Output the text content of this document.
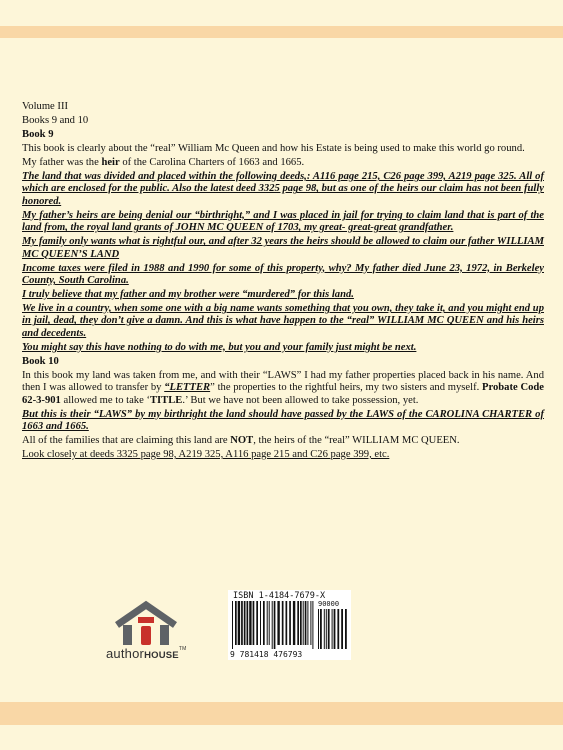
Volume III

Books 9 and 10

Book 9

This book is clearly about the “real” William Mc Queen and how his Estate is being used to make this world go round.

My father was the heir of the Carolina Charters of 1663 and 1665.

The land that was divided and placed within the following deeds,: A116 page 215, C26 page 399, A219 page 325. All of which are enclosed for the public. Also the latest deed 3325 page 98, but as one of the heirs our claim has not been fully honored.

My father’s heirs are being denial our “birthright,” and I was placed in jail for trying to claim land that is part of the land from, the royal land grants of JOHN MC QUEEN of 1703, my great- great-great grandfather.

My family only wants what is rightful our, and after 32 years the heirs should be allowed to claim our father WILLIAM MC QUEEN’S LAND

Income taxes were filed in 1988 and 1990 for some of this property, why? My father died June 23, 1972, in Berkeley County, South Carolina.

I truly believe that my father and my brother were “murdered” for this land.

We live in a country, when some one with a big name wants something that you own, they take it, and you might end up in jail, dead, they don’t give a damn. And this is what have happen to the “real” WILLIAM MC QUEEN and his heirs and decedents.

You might say this have nothing to do with me, but you and your family just might be next.

Book 10

In this book my land was taken from me, and with their “LAWS” I had my father properties placed back in his name. And then I was allowed to transfer by “LETTER” the properties to the rightful heirs, my two sisters and myself. Probate Code 62-3-901 allowed me to take ‘TITLE.’ But we have not been allowed to take possession, yet.

But this is their “LAWS” by my birthright the land should have passed by the LAWS of the CAROLINA CHARTER of 1663 and 1665.

All of the families that are claiming this land are NOT, the heirs of the “real” WILLIAM MC QUEEN.

Look closely at deeds 3325 page 98, A219 325, A116 page 215 and C26 page 399, etc.

authorHOUSE™
ISBN 1-4184-7679-X
90000
9 781418 476793
